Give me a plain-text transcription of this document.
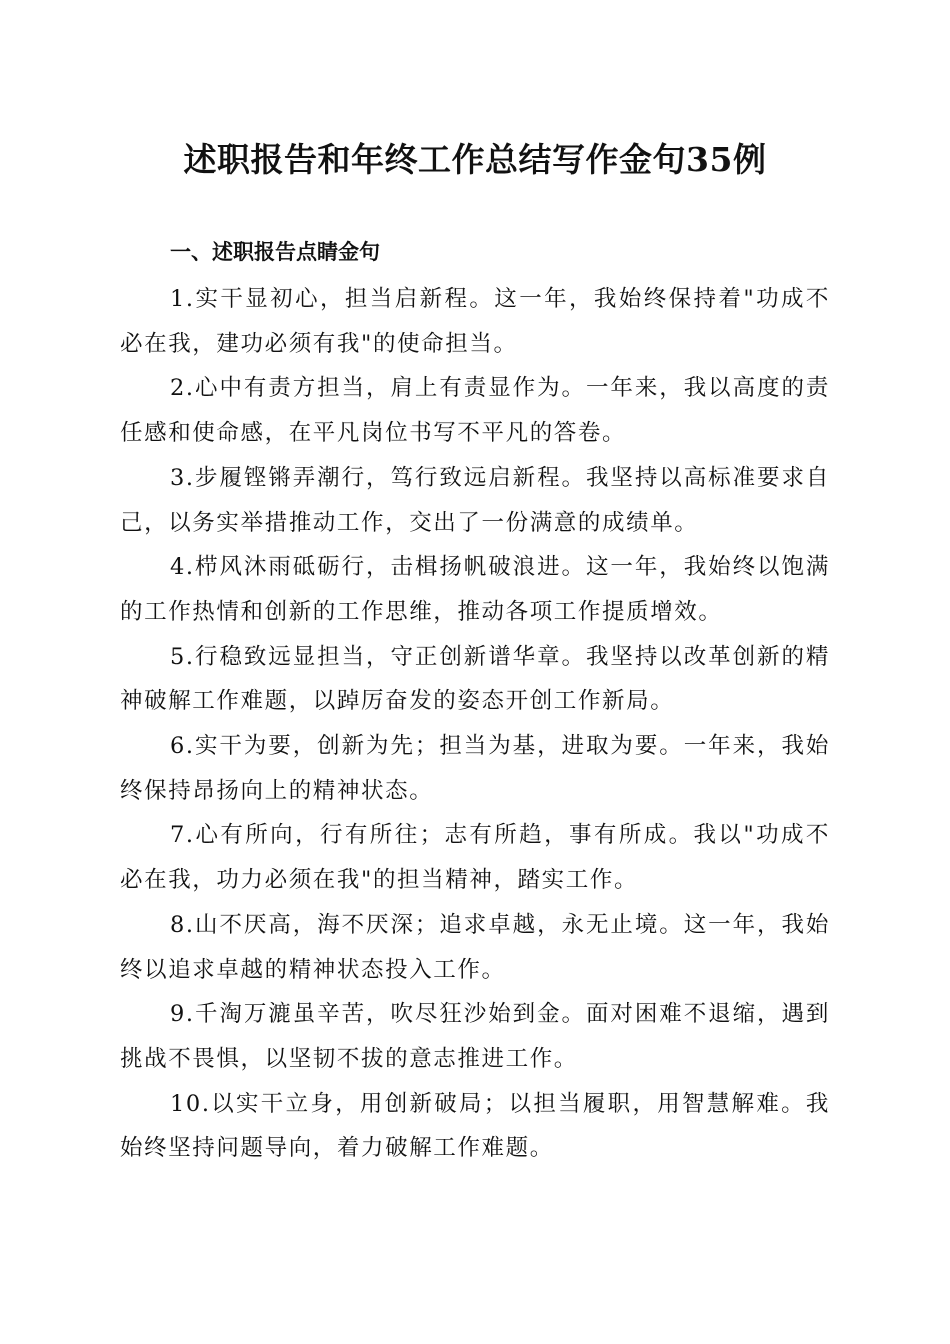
述职报告和年终工作总结写作金句35例
一、述职报告点睛金句

1.实干显初心，担当启新程。这一年，我始终保持着"功成不必在我，建功必须有我"的使命担当。

2.心中有责方担当，肩上有责显作为。一年来，我以高度的责任感和使命感，在平凡岗位书写不平凡的答卷。

3.步履铿锵弄潮行，笃行致远启新程。我坚持以高标准要求自己，以务实举措推动工作，交出了一份满意的成绩单。

4.栉风沐雨砥砺行，击楫扬帆破浪进。这一年，我始终以饱满的工作热情和创新的工作思维，推动各项工作提质增效。

5.行稳致远显担当，守正创新谱华章。我坚持以改革创新的精神破解工作难题，以踔厉奋发的姿态开创工作新局。

6.实干为要，创新为先；担当为基，进取为要。一年来，我始终保持昂扬向上的精神状态。

7.心有所向，行有所往；志有所趋，事有所成。我以"功成不必在我，功力必须在我"的担当精神，踏实工作。

8.山不厌高，海不厌深；追求卓越，永无止境。这一年，我始终以追求卓越的精神状态投入工作。

9.千淘万漉虽辛苦，吹尽狂沙始到金。面对困难不退缩，遇到挑战不畏惧，以坚韧不拔的意志推进工作。

10.以实干立身，用创新破局；以担当履职，用智慧解难。我始终坚持问题导向，着力破解工作难题。
